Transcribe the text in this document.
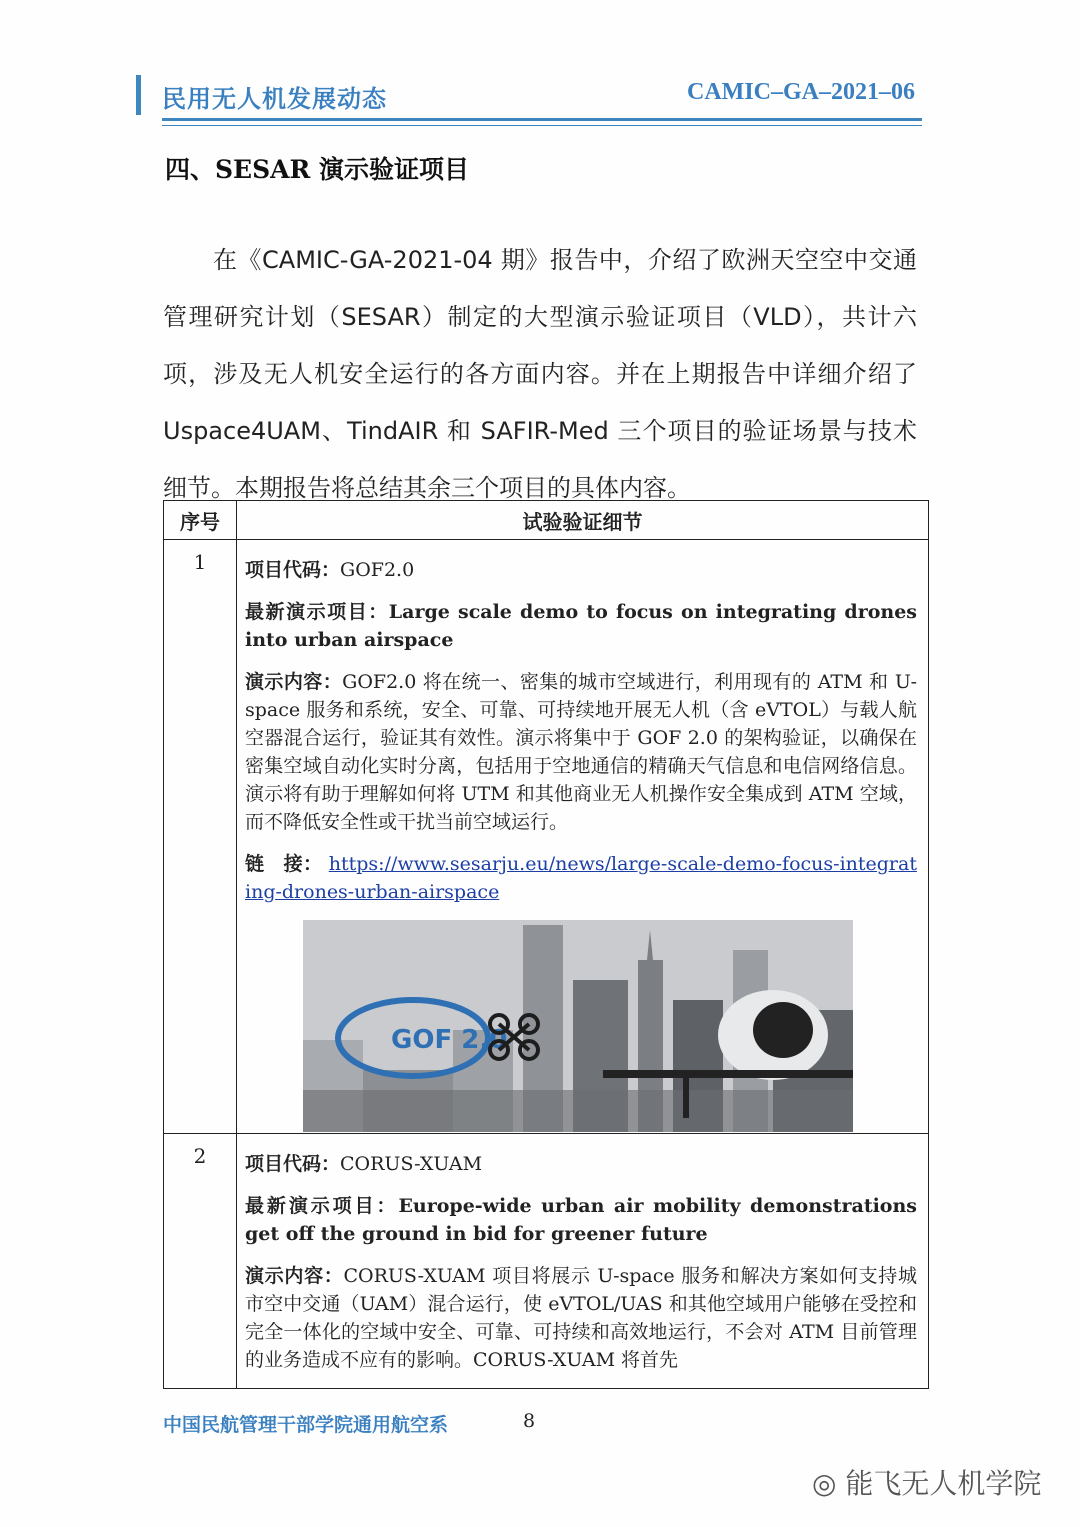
民用无人机发展动态	CAMIC–GA–2021–06
四、SESAR 演示验证项目
在《CAMIC-GA-2021-04 期》报告中，介绍了欧洲天空空中交通管理研究计划（SESAR）制定的大型演示验证项目（VLD），共计六项，涉及无人机安全运行的各方面内容。并在上期报告中详细介绍了Uspace4UAM、TindAIR 和 SAFIR-Med 三个项目的验证场景与技术细节。本期报告将总结其余三个项目的具体内容。
序号	试验验证细节
1	项目代码：GOF2.0
最新演示项目：Large scale demo to focus on integrating drones into urban airspace
演示内容：GOF2.0 将在统一、密集的城市空域进行，利用现有的 ATM 和 U-space 服务和系统，安全、可靠、可持续地开展无人机（含 eVTOL）与载人航空器混合运行，验证其有效性。演示将集中于 GOF 2.0 的架构验证，以确保在密集空域自动化实时分离，包括用于空地通信的精确天气信息和电信网络信息。演示将有助于理解如何将 UTM 和其他商业无人机操作安全集成到 ATM 空域，而不降低安全性或干扰当前空域运行。
链　接： https://www.sesarju.eu/news/large-scale-demo-focus-integrating-drones-urban-airspace
GOF 2.0

2	项目代码：CORUS-XUAM
最新演示项目：Europe-wide urban air mobility demonstrations get off the ground in bid for greener future
演示内容：CORUS-XUAM 项目将展示 U-space 服务和解决方案如何支持城市空中交通（UAM）混合运行，使 eVTOL/UAS 和其他空域用户能够在受控和完全一体化的空域中安全、可靠、可持续和高效地运行，不会对 ATM 目前管理的业务造成不应有的影响。CORUS-XUAM 将首先
中国民航管理干部学院通用航空系	8
◎ 能飞无人机学院
